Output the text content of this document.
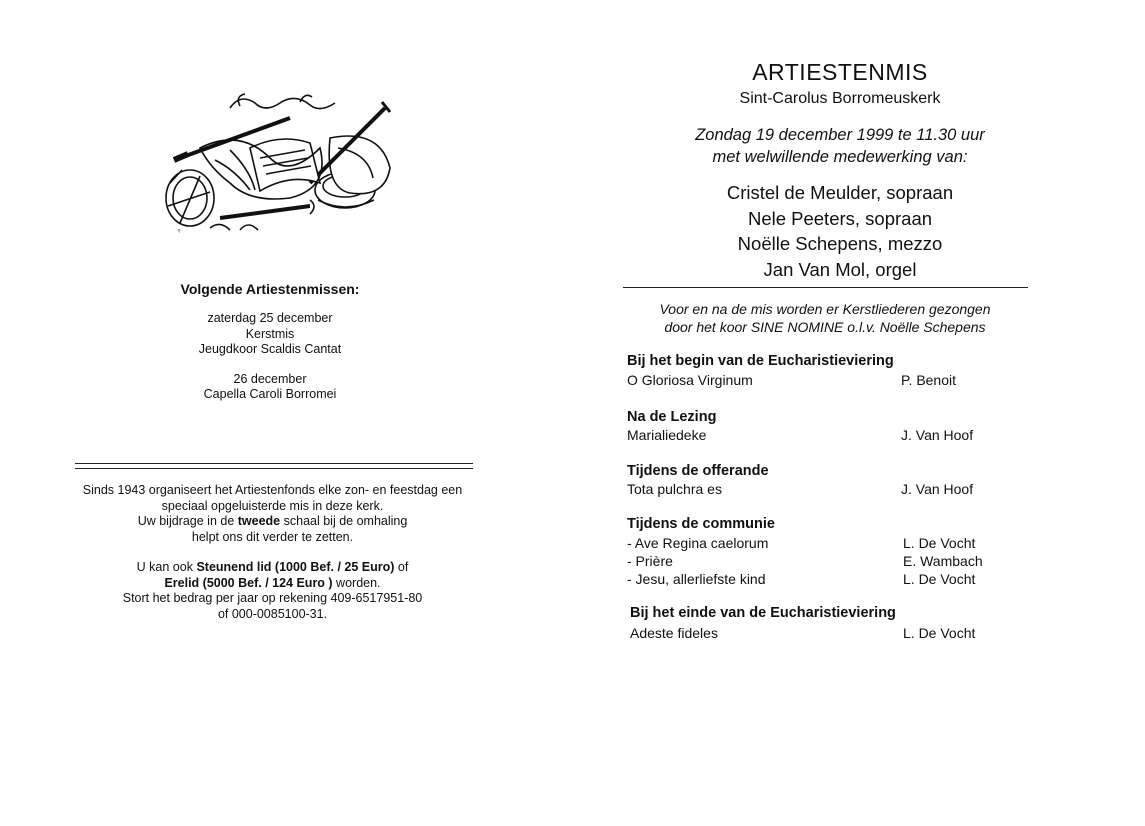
ᵑ
Volgende Artiestenmissen:
zaterdag 25 december
Kerstmis
Jeugdkoor Scaldis Cantat
26 december
Capella Caroli Borromei
Sinds 1943 organiseert het Artiestenfonds elke zon- en feestdag een
speciaal opgeluisterde mis in deze kerk.
Uw bijdrage in de tweede schaal bij de omhaling
helpt ons dit verder te zetten.
U kan ook Steunend lid (1000 Bef. / 25 Euro) of
Erelid (5000 Bef. / 124 Euro ) worden.
Stort het bedrag per jaar op rekening 409-6517951-80
of 000-0085100-31.
ARTIESTENMIS
Sint-Carolus Borromeuskerk
Zondag 19 december 1999 te 11.30 uur
met welwillende medewerking van:
Cristel de Meulder, sopraan
Nele Peeters, sopraan
Noëlle Schepens, mezzo
Jan Van Mol, orgel
Voor en na de mis worden er Kerstliederen gezongen
door het koor SINE NOMINE o.l.v. Noëlle Schepens
Bij het begin van de Eucharistieviering
O Gloriosa Virginum	P. Benoit
Na de Lezing
Marialiedeke	J. Van Hoof
Tijdens de offerande
Tota pulchra es	J. Van Hoof
Tijdens de communie
- Ave Regina caelorum	L. De Vocht
- Prière	E. Wambach
- Jesu, allerliefste kind	L. De Vocht
Bij het einde van de Eucharistieviering
Adeste fideles	L. De Vocht
